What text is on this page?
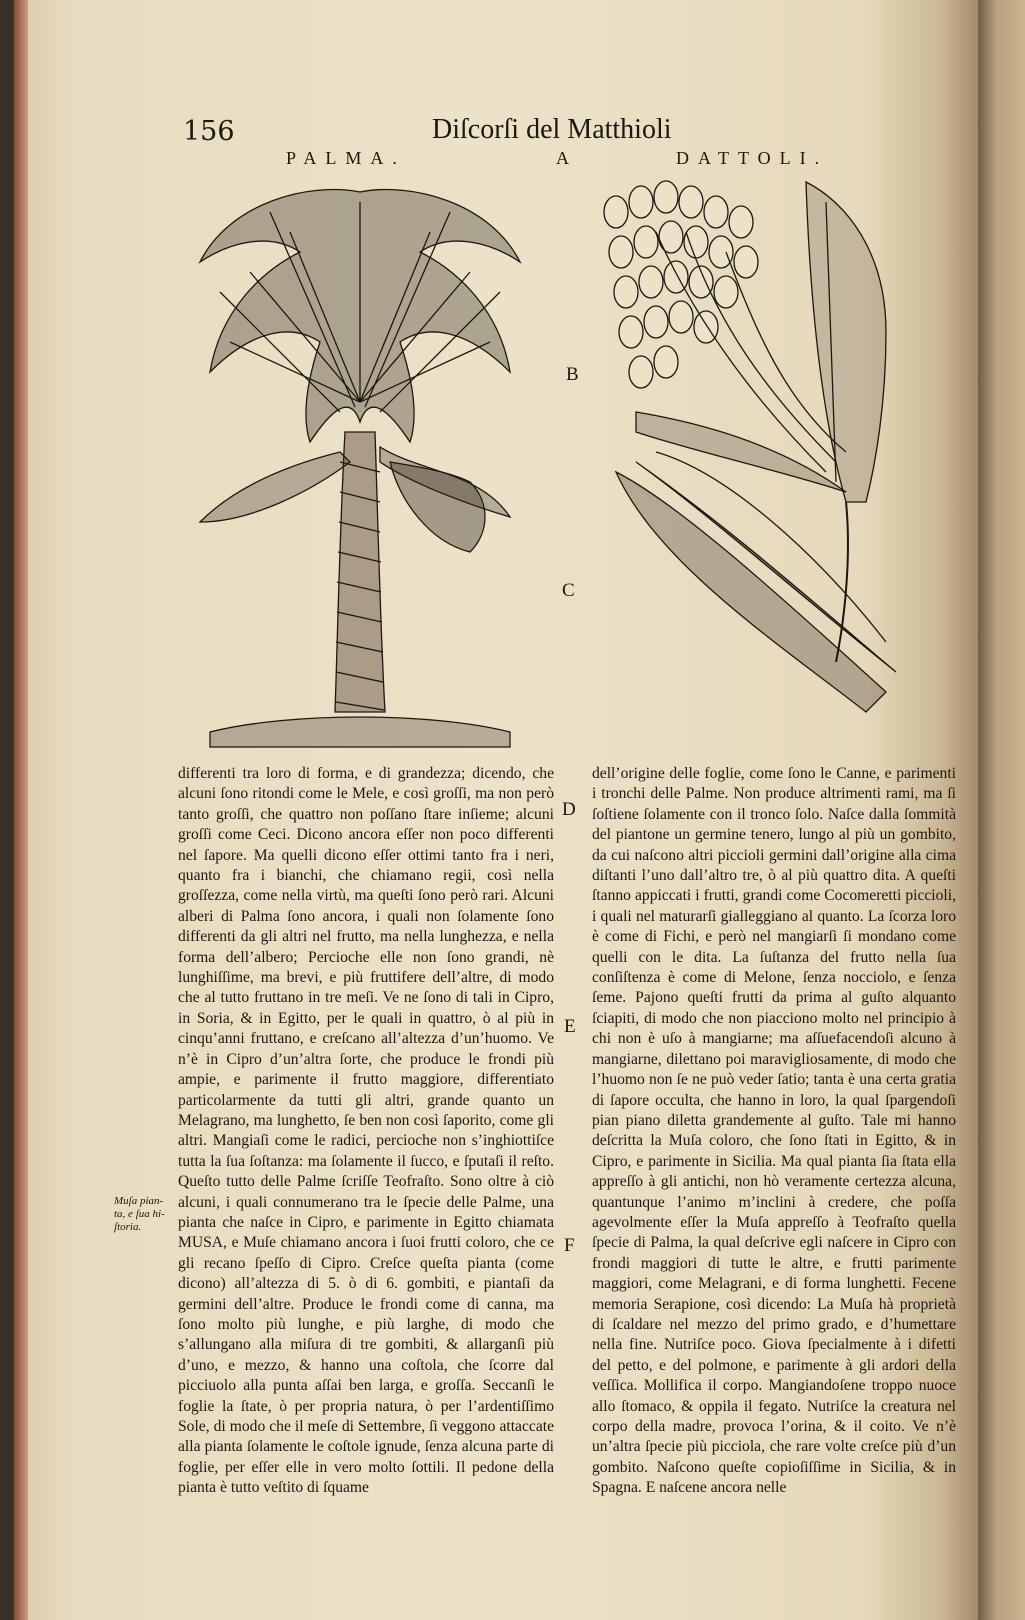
156	Diſcorſi del Matthioli
PALMA.	A	DATTOLI.
B
C
D
E
F
Muſa pian-ta, e ſua hi-ſtoria.

differenti tra loro di forma, e di grandezza; dicendo, che alcuni ſono ritondi come le Mele, e così groſſi, ma non però tanto groſſi, che quattro non poſſano ſtare inſieme; alcuni groſſi come Ceci. Dicono ancora eſſer non poco differenti nel ſapore. Ma quelli dicono eſſer ottimi tanto fra i neri, quanto fra i bianchi, che chiamano regii, così nella groſſezza, come nella virtù, ma queſti ſono però rari. Alcuni alberi di Palma ſono ancora, i quali non ſolamente ſono differenti da gli altri nel frutto, ma nella lunghezza, e nella forma dell’albero; Percioche elle non ſono grandi, nè lunghiſſime, ma brevi, e più fruttifere dell’altre, di modo che al tutto fruttano in tre meſi. Ve ne ſono di tali in Cipro, in Soria, & in Egitto, per le quali in quattro, ò al più in cinqu’anni fruttano, e creſcano all’altezza d’un’huomo. Ve n’è in Cipro d’un’altra ſorte, che produce le frondi più ampie, e parimente il frutto maggiore, differentiato particolarmente da tutti gli altri, grande quanto un Melagrano, ma lunghetto, ſe ben non così ſaporito, come gli altri. Mangiaſi come le radici, percioche non s’inghiottiſce tutta la ſua ſoſtanza: ma ſolamente il ſucco, e ſputaſi il reſto. Queſto tutto delle Palme ſcriſſe Teofraſto. Sono oltre à ciò alcuni, i quali connumerano tra le ſpecie delle Palme, una pianta che naſce in Cipro, e parimente in Egitto chiamata MUSA, e Muſe chiamano ancora i ſuoi frutti coloro, che ce gli recano ſpeſſo di Cipro. Creſce queſta pianta (come dicono) all’altezza di 5. ò di 6. gombiti, e piantaſi da germini dell’altre. Produce le frondi come di canna, ma ſono molto più lunghe, e più larghe, di modo che s’allungano alla miſura di tre gombiti, & allarganſi più d’uno, e mezzo, & hanno una coſtola, che ſcorre dal picciuolo alla punta aſſai ben larga, e groſſa. Seccanſi le foglie la ſtate, ò per propria natura, ò per l’ardentiſſimo Sole, di modo che il meſe di Settembre, ſi veggono attaccate alla pianta ſolamente le coſtole ignude, ſenza alcuna parte di foglie, per eſſer elle in vero molto ſottili. Il pedone della pianta è tutto veſtito di ſquame

dell’origine delle foglie, come ſono le Canne, e parimenti i tronchi delle Palme. Non produce altrimenti rami, ma ſi ſoſtiene ſolamente con il tronco ſolo. Naſce dalla ſommità del piantone un germine tenero, lungo al più un gombito, da cui naſcono altri piccioli germini dall’origine alla cima diſtanti l’uno dall’altro tre, ò al più quattro dita. A queſti ſtanno appiccati i frutti, grandi come Cocomeretti piccioli, i quali nel maturarſi gialleggiano al quanto. La ſcorza loro è come di Fichi, e però nel mangiarſi ſi mondano come quelli con le dita. La ſuſtanza del frutto nella ſua conſiſtenza è come di Melone, ſenza nocciolo, e ſenza ſeme. Pajono queſti frutti da prima al guſto alquanto ſciapiti, di modo che non piacciono molto nel principio à chi non è uſo à mangiarne; ma aſſuefacendoſi alcuno à mangiarne, dilettano poi maravigliosamente, di modo che l’huomo non ſe ne può veder ſatio; tanta è una certa gratia di ſapore occulta, che hanno in loro, la qual ſpargendoſi pian piano diletta grandemente al guſto. Tale mi hanno deſcritta la Muſa coloro, che ſono ſtati in Egitto, & in Cipro, e parimente in Sicilia. Ma qual pianta ſia ſtata ella appreſſo à gli antichi, non hò veramente certezza alcuna, quantunque l’animo m’inclini à credere, che poſſa agevolmente eſſer la Muſa appreſſo à Teofraſto quella ſpecie di Palma, la qual deſcrive egli naſcere in Cipro con frondi maggiori di tutte le altre, e frutti parimente maggiori, come Melagrani, e di forma lunghetti. Fecene memoria Serapione, così dicendo: La Muſa hà proprietà di ſcaldare nel mezzo del primo grado, e d’humettare nella fine. Nutriſce poco. Giova ſpecialmente à i difetti del petto, e del polmone, e parimente à gli ardori della veſſica. Mollifica il corpo. Mangiandoſene troppo nuoce allo ſtomaco, & oppila il fegato. Nutriſce la creatura nel corpo della madre, provoca l’orina, & il coito. Ve n’è un’altra ſpecie più picciola, che rare volte creſce più d’un gombito. Naſcono queſte copioſiſſime in Sicilia, & in Spagna. E naſcene ancora nelle
